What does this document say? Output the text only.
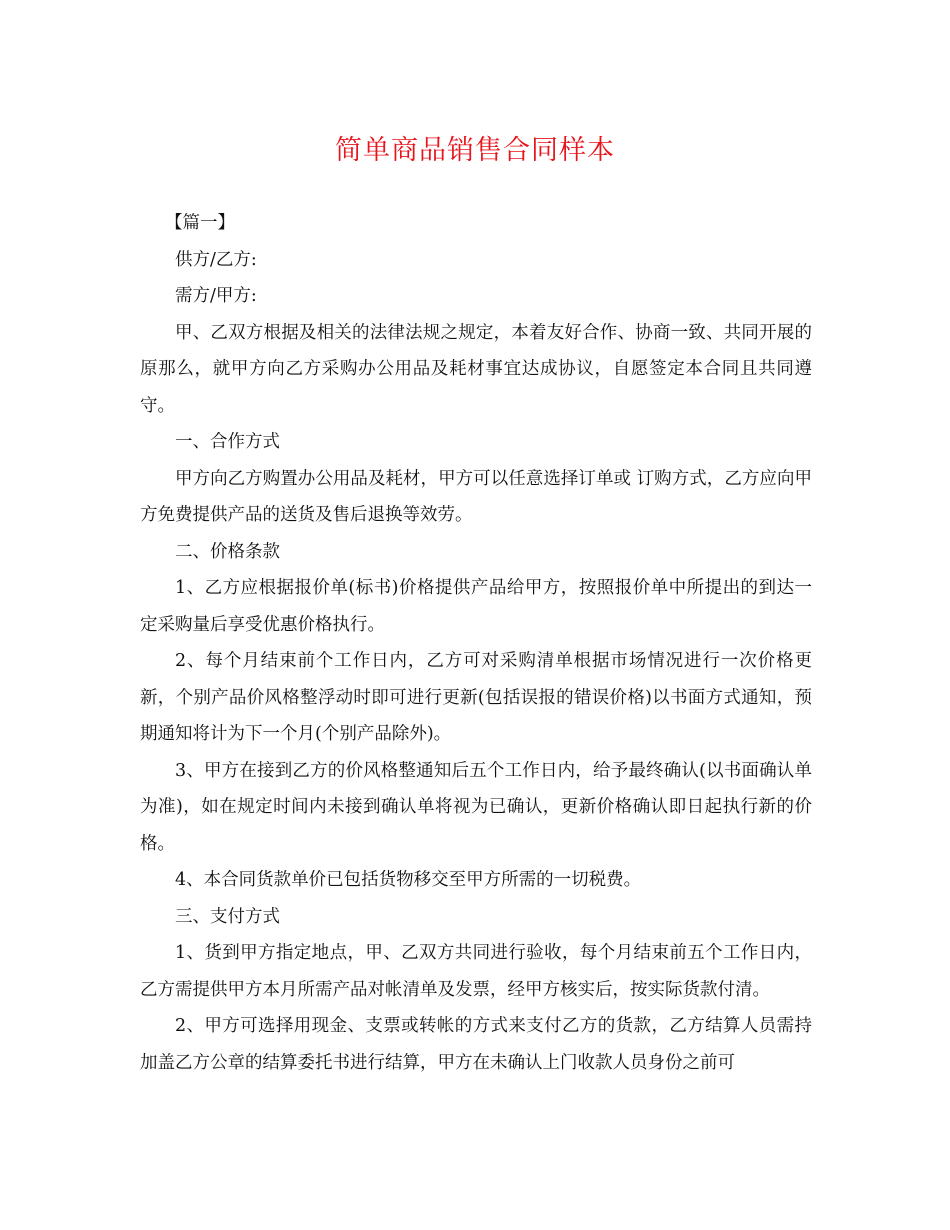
简单商品销售合同样本

【篇一】

供方/乙方:

需方/甲方:

甲、乙双方根据及相关的法律法规之规定，本着友好合作、协商一致、共同开展的原那么，就甲方向乙方采购办公用品及耗材事宜达成协议，自愿签定本合同且共同遵守。

一、合作方式

甲方向乙方购置办公用品及耗材，甲方可以任意选择订单或 订购方式，乙方应向甲方免费提供产品的送货及售后退换等效劳。

二、价格条款

1、乙方应根据报价单(标书)价格提供产品给甲方，按照报价单中所提出的到达一定采购量后享受优惠价格执行。

2、每个月结束前个工作日内，乙方可对采购清单根据市场情况进行一次价格更新，个别产品价风格整浮动时即可进行更新(包括误报的错误价格)以书面方式通知，预期通知将计为下一个月(个别产品除外)。

3、甲方在接到乙方的价风格整通知后五个工作日内，给予最终确认(以书面确认单为准)，如在规定时间内未接到确认单将视为已确认，更新价格确认即日起执行新的价格。

4、本合同货款单价已包括货物移交至甲方所需的一切税费。

三、支付方式

1、货到甲方指定地点，甲、乙双方共同进行验收，每个月结束前五个工作日内，乙方需提供甲方本月所需产品对帐清单及发票，经甲方核实后，按实际货款付清。

2、甲方可选择用现金、支票或转帐的方式来支付乙方的货款，乙方结算人员需持加盖乙方公章的结算委托书进行结算，甲方在未确认上门收款人员身份之前可
